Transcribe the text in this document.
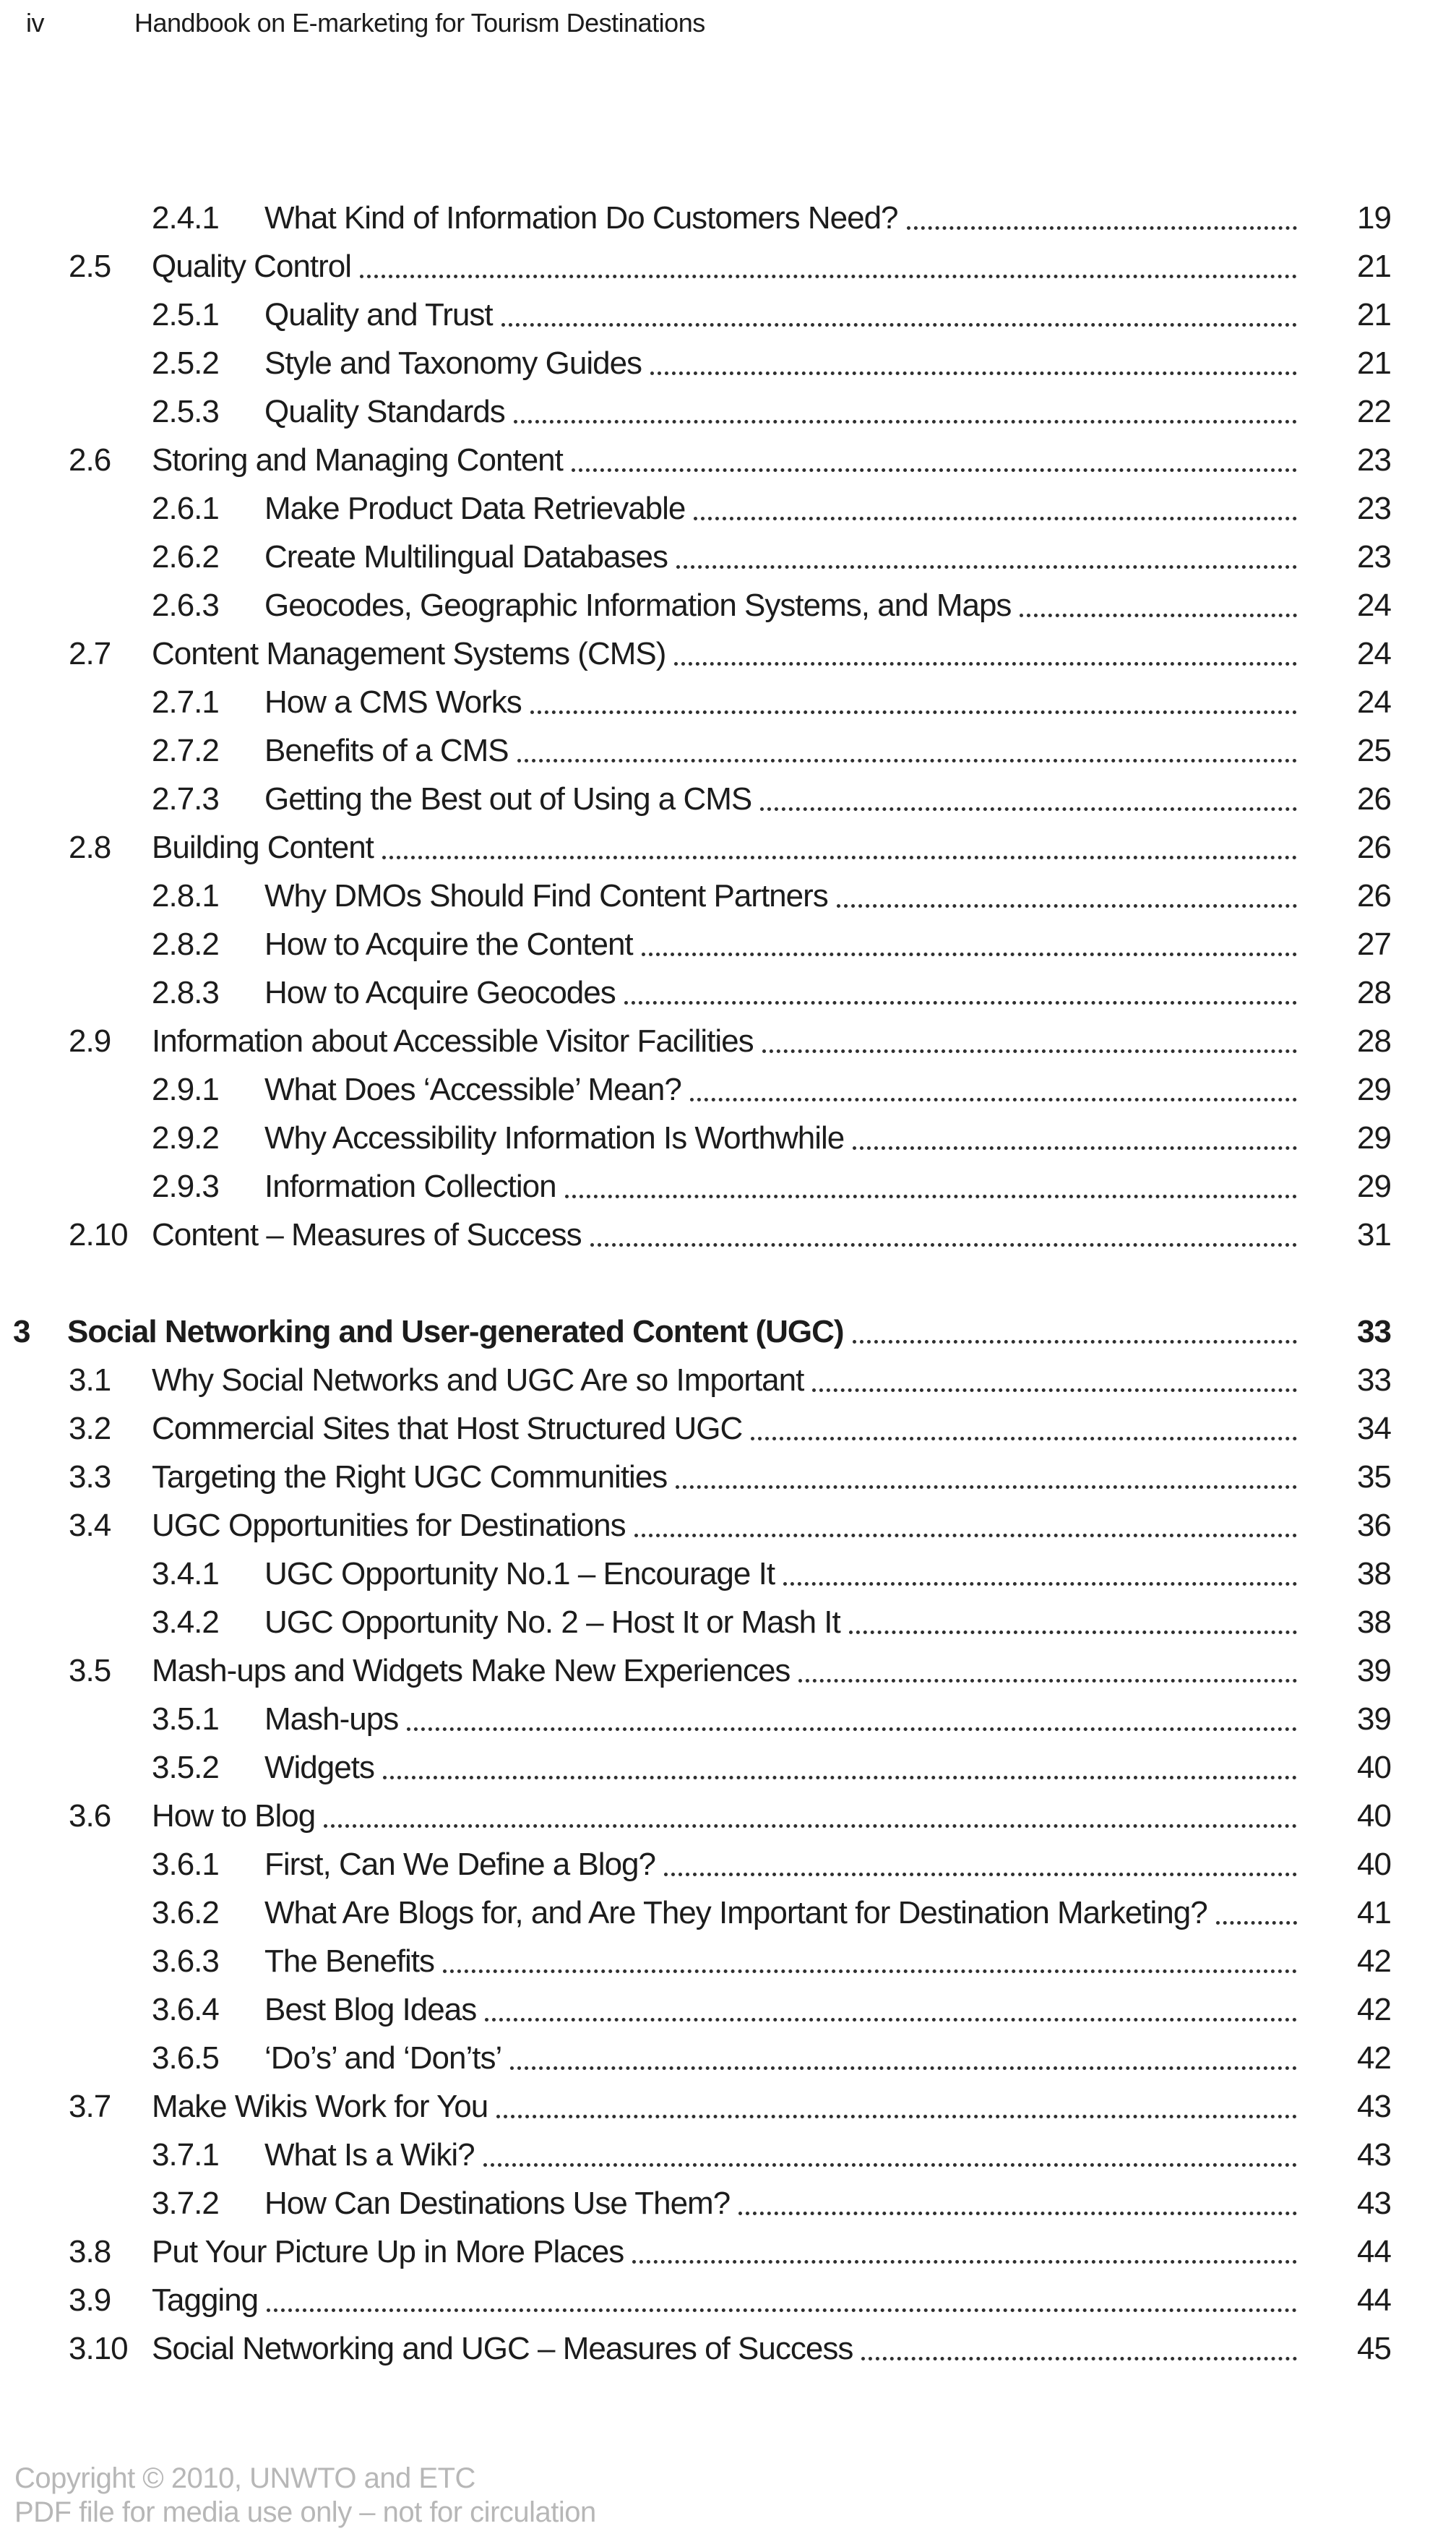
iv	Handbook on E-marketing for Tourism Destinations
2.4.1	What Kind of Information Do Customers Need?	19
2.5	Quality Control	21
2.5.1	Quality and Trust	21
2.5.2	Style and Taxonomy Guides	21
2.5.3	Quality Standards	22
2.6	Storing and Managing Content	23
2.6.1	Make Product Data Retrievable	23
2.6.2	Create Multilingual Databases	23
2.6.3	Geocodes, Geographic Information Systems, and Maps	24
2.7	Content Management Systems (CMS)	24
2.7.1	How a CMS Works	24
2.7.2	Benefits of a CMS	25
2.7.3	Getting the Best out of Using a CMS	26
2.8	Building Content	26
2.8.1	Why DMOs Should Find Content Partners	26
2.8.2	How to Acquire the Content	27
2.8.3	How to Acquire Geocodes	28
2.9	Information about Accessible Visitor Facilities	28
2.9.1	What Does ‘Accessible’ Mean?	29
2.9.2	Why Accessibility Information Is Worthwhile	29
2.9.3	Information Collection	29
2.10 Content – Measures of Success	31
3	Social Networking and User-generated Content (UGC)	33
3.1	Why Social Networks and UGC Are so Important	33
3.2	Commercial Sites that Host Structured UGC	34
3.3	Targeting the Right UGC Communities	35
3.4	UGC Opportunities for Destinations	36
3.4.1	UGC Opportunity No.1 – Encourage It	38
3.4.2	UGC Opportunity No. 2 – Host It or Mash It	38
3.5	Mash-ups and Widgets Make New Experiences	39
3.5.1	Mash-ups	39
3.5.2	Widgets	40
3.6	How to Blog	40
3.6.1	First, Can We Define a Blog?	40
3.6.2	What Are Blogs for, and Are They Important for Destination Marketing?	41
3.6.3	The Benefits	42
3.6.4	Best Blog Ideas	42
3.6.5	‘Do’s’ and ‘Don’ts’	42
3.7	Make Wikis Work for You	43
3.7.1	What Is a Wiki?	43
3.7.2	How Can Destinations Use Them?	43
3.8	Put Your Picture Up in More Places	44
3.9	Tagging	44
3.10 Social Networking and UGC – Measures of Success	45
Copyright © 2010, UNWTO and ETC
PDF file for media use only – not for circulation
